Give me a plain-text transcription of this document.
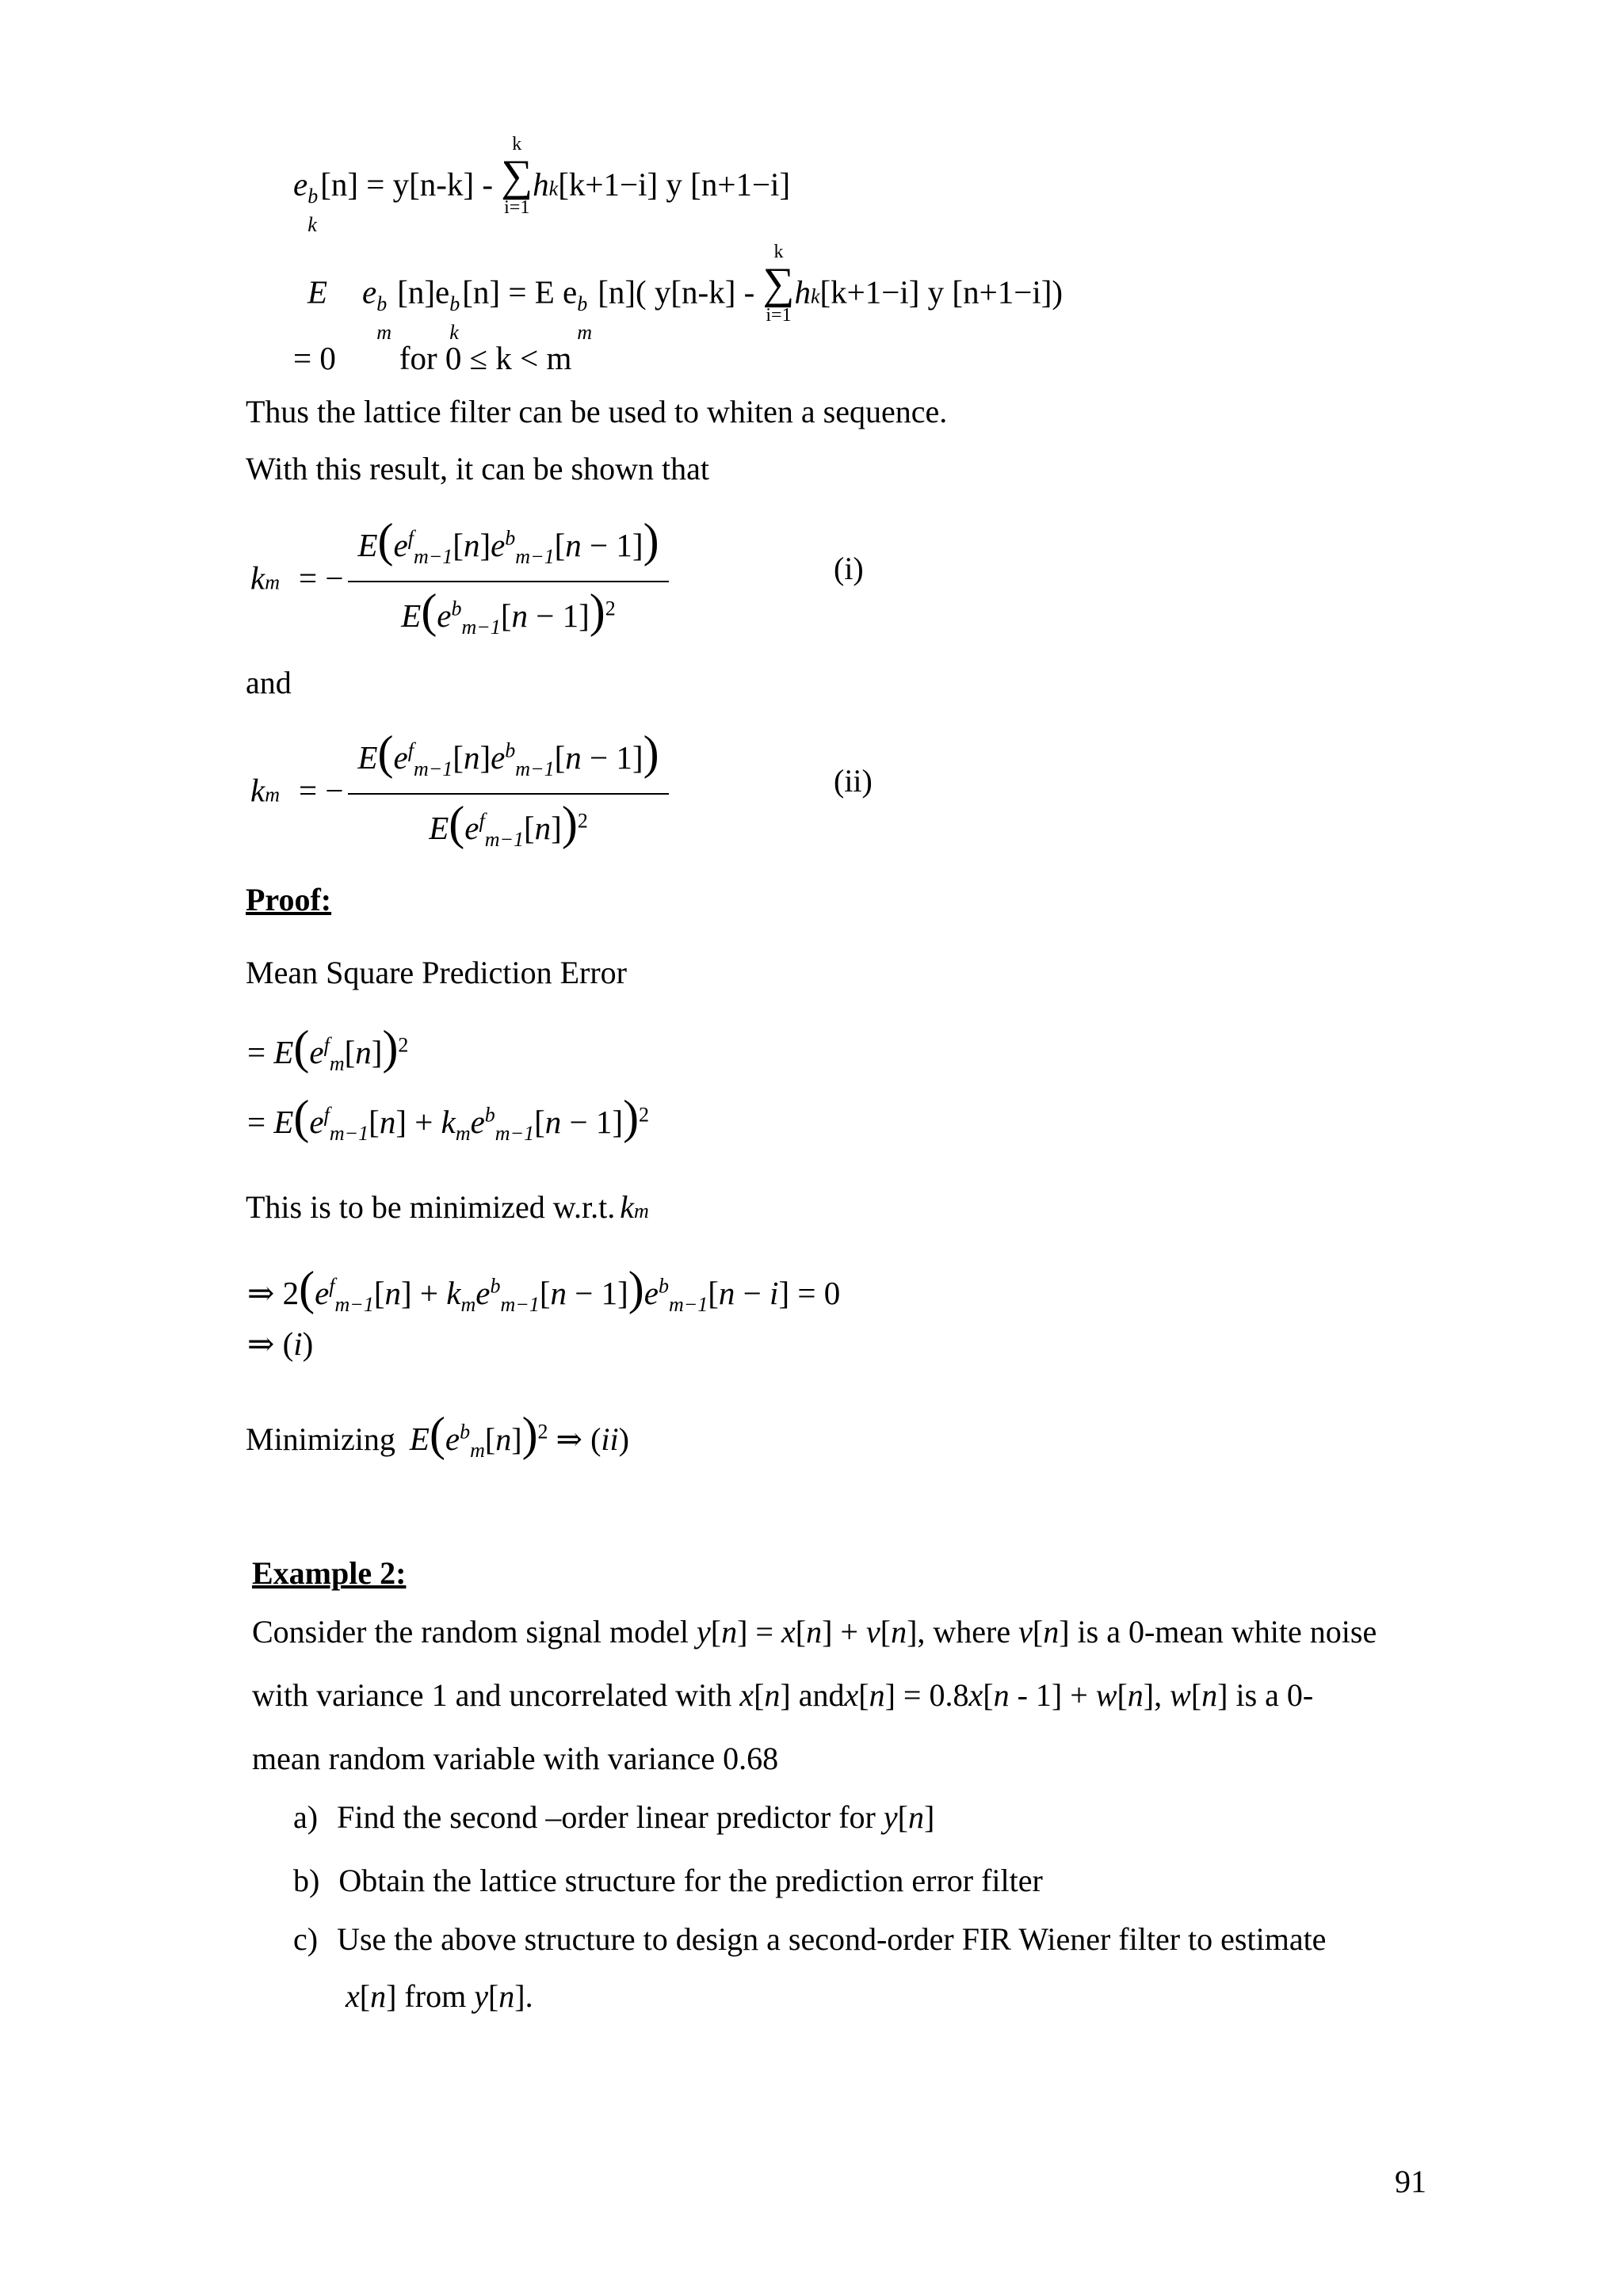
e b
k
[n] = y[n-k] -
k
∑
i=1
hk[k+1−i] y [n+1−i]
E e b
m
[n]e b
k
[n] = E e b
m
[n]( y[n-k] -
k
∑
i=1
hk[k+1−i] y [n+1−i])
= 0 for 0 ≤ k < m
Thus the lattice filter can be used to whiten a sequence.
With this result, it can be shown that
km = − $\frac{E(e^f_{m-1}[n]e^b_{m-1}[n - 1])}{E(e^b_{m-1}[n - 1])^2}$	(i)
and
km = − $\frac{E(e^f_{m-1}[n]e^b_{m-1}[n - 1])}{E(e^f_{m-1}[n])^2}$	(ii)
Proof:
Mean Square Prediction Error
= $E(e^f_m[n])^2$
= $E(e^f_{m-1}[n] + k_me^b_{m-1}[n - 1])^2$
This is to be minimized w.r.t. km
⇒ $2(e^f_{m-1}[n] + k_me^b_{m-1}[n - 1])e^b_{m-1}[n - i] = 0$
⇒ (i)
Minimizing $E(e^b_m[n])^2$ ⇒ (ii)
Example 2:
Consider the random signal model y[n] = x[n] + v[n], where v[n] is a 0-mean white noise
with variance 1 and uncorrelated with x[n] andx[n] = 0.8x[n - 1] + w[n], w[n] is a 0-
mean random variable with variance 0.68
a) Find the second –order linear predictor for y[n]
b) Obtain the lattice structure for the prediction error filter
c) Use the above structure to design a second-order FIR Wiener filter to estimate
x[n] from y[n].
91
